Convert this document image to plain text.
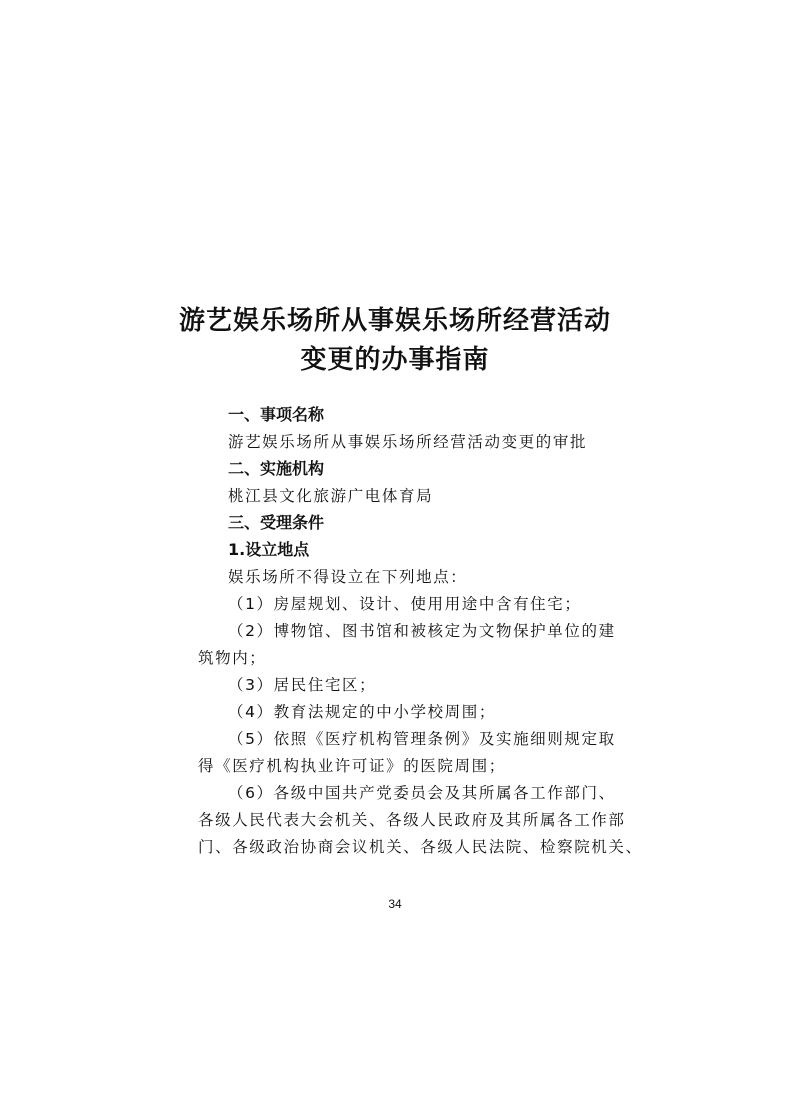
游艺娱乐场所从事娱乐场所经营活动
变更的办事指南

一、事项名称

游艺娱乐场所从事娱乐场所经营活动变更的审批

二、实施机构

桃江县文化旅游广电体育局

三、受理条件

1.设立地点

娱乐场所不得设立在下列地点：

（1）房屋规划、设计、使用用途中含有住宅；

（2）博物馆、图书馆和被核定为文物保护单位的建

筑物内；

（3）居民住宅区；

（4）教育法规定的中小学校周围；

（5）依照《医疗机构管理条例》及实施细则规定取

得《医疗机构执业许可证》的医院周围；

（6）各级中国共产党委员会及其所属各工作部门、

各级人民代表大会机关、各级人民政府及其所属各工作部

门、各级政治协商会议机关、各级人民法院、检察院机关、

34
